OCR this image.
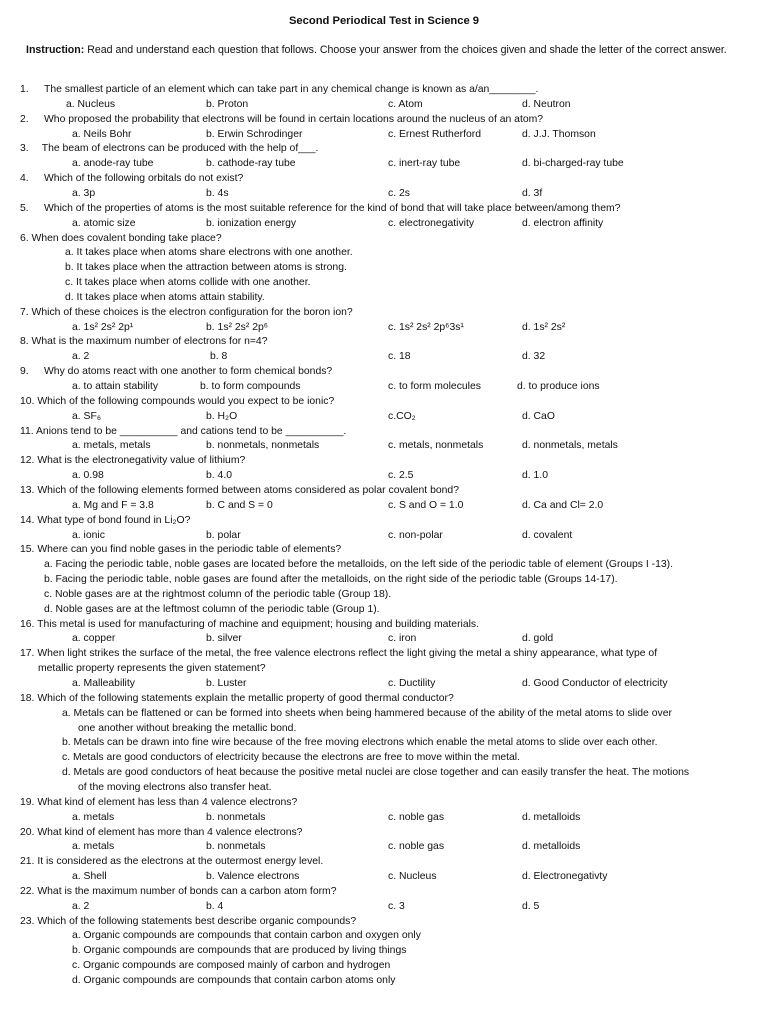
Second Periodical Test in Science 9
Instruction: Read and understand each question that follows. Choose your answer from the choices given and shade the letter of the correct answer.
1. The smallest particle of an element which can take part in any chemical change is known as a/an________.
a. Nucleus	b. Proton	c. Atom	d. Neutron
2. Who proposed the probability that electrons will be found in certain locations around the nucleus of an atom?
a. Neils Bohr	b. Erwin Schrodinger	c. Ernest Rutherford	d. J.J. Thomson
3.  The beam of electrons can be produced with the help of___.
a. anode-ray tube	b. cathode-ray tube	c. inert-ray tube	d. bi-charged-ray tube
4. Which of the following orbitals do not exist?
a. 3p	b. 4s	c. 2s	d. 3f
5. Which of the properties of atoms is the most suitable reference for the kind of bond that will take place between/among them?
a. atomic size	b. ionization energy	c. electronegativity	d. electron affinity
6. When does covalent bonding take place?
a. It takes place when atoms share electrons with one another.
b. It takes place when the attraction between atoms is strong.
c. It takes place when atoms collide with one another.
d. It takes place when atoms attain stability.
7. Which of these choices is the electron configuration for the boron ion?
a. 1s² 2s² 2p¹	b. 1s² 2s² 2p⁶	c. 1s² 2s² 2p⁶3s¹	d. 1s² 2s²
8. What is the maximum number of electrons for n=4?
a. 2	b. 8	c. 18	d. 32
9. Why do atoms react with one another to form chemical bonds?
a. to attain stability	b. to form compounds	c. to form molecules	d. to produce ions
10. Which of the following compounds would you expect to be ionic?
a. SF₆	b. H₂O	c.CO₂	d. CaO
11. Anions tend to be __________ and cations tend to be __________.
a. metals, metals	b. nonmetals, nonmetals	c. metals, nonmetals	d. nonmetals, metals
12. What is the electronegativity value of lithium?
a. 0.98	b. 4.0	c. 2.5	d. 1.0
13. Which of the following elements formed between atoms considered as polar covalent bond?
a. Mg and F = 3.8	b. C and S = 0	c. S and O = 1.0	d. Ca and Cl= 2.0
14. What type of bond found in Li₂O?
a. ionic	b. polar	c. non-polar	d. covalent
15. Where can you find noble gases in the periodic table of elements?
a. Facing the periodic table, noble gases are located before the metalloids, on the left side of the periodic table of element (Groups I -13).
b. Facing the periodic table, noble gases are found after the metalloids, on the right side of the periodic table (Groups 14-17).
c. Noble gases are at the rightmost column of the periodic table (Group 18).
d. Noble gases are at the leftmost column of the periodic table (Group 1).
16. This metal is used for manufacturing of machine and equipment; housing and building materials.
a. copper	b. silver	c. iron	d. gold
17. When light strikes the surface of the metal, the free valence electrons reflect the light giving the metal a shiny appearance, what type of
metallic property represents the given statement?
a. Malleability	b. Luster	c. Ductility	d. Good Conductor of electricity
18. Which of the following statements explain the metallic property of good thermal conductor?
a. Metals can be flattened or can be formed into sheets when being hammered because of the ability of the metal atoms to slide over
one another without breaking the metallic bond.
b. Metals can be drawn into fine wire because of the free moving electrons which enable the metal atoms to slide over each other.
c. Metals are good conductors of electricity because the electrons are free to move within the metal.
d. Metals are good conductors of heat because the positive metal nuclei are close together and can easily transfer the heat. The motions
of the moving electrons also transfer heat.
19. What kind of element has less than 4 valence electrons?
a. metals	b. nonmetals	c. noble gas	d. metalloids
20. What kind of element has more than 4 valence electrons?
a. metals	b. nonmetals	c. noble gas	d. metalloids
21. It is considered as the electrons at the outermost energy level.
a. Shell	b. Valence electrons	c. Nucleus	d. Electronegativty
22. What is the maximum number of bonds can a carbon atom form?
a. 2	b. 4	c. 3	d. 5
23. Which of the following statements best describe organic compounds?
a. Organic compounds are compounds that contain carbon and oxygen only
b. Organic compounds are compounds that are produced by living things
c. Organic compounds are composed mainly of carbon and hydrogen
d. Organic compounds are compounds that contain carbon atoms only
